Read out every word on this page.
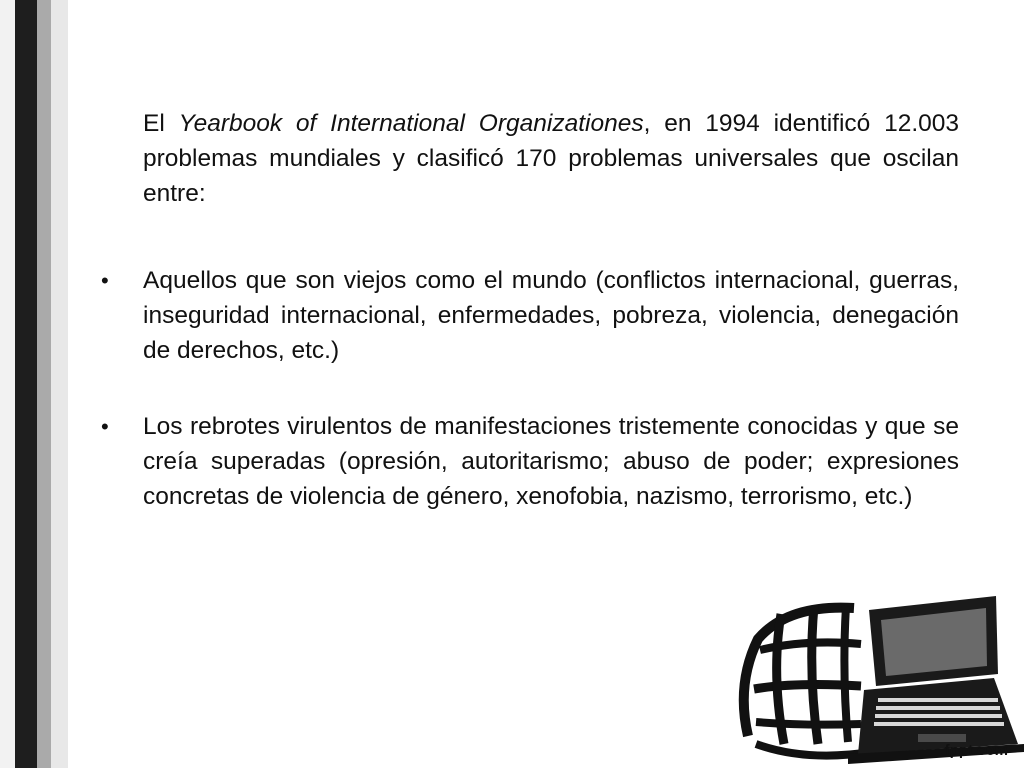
El Yearbook of International Organizationes, en 1994 identificó 12.003 problemas mundiales y clasificó 170 problemas universales que oscilan entre:
• Aquellos que son viejos como el mundo (conflictos internacional, guerras, inseguridad internacional, enfermedades, pobreza, violencia, denegación de derechos, etc.)
• Los rebrotes virulentos de manifestaciones tristemente conocidas y que se creía superadas (opresión, autoritarismo; abuso de poder; expresiones concretas de violencia de género, xenofobia, nazismo, terrorismo, etc.)
fppt.com
